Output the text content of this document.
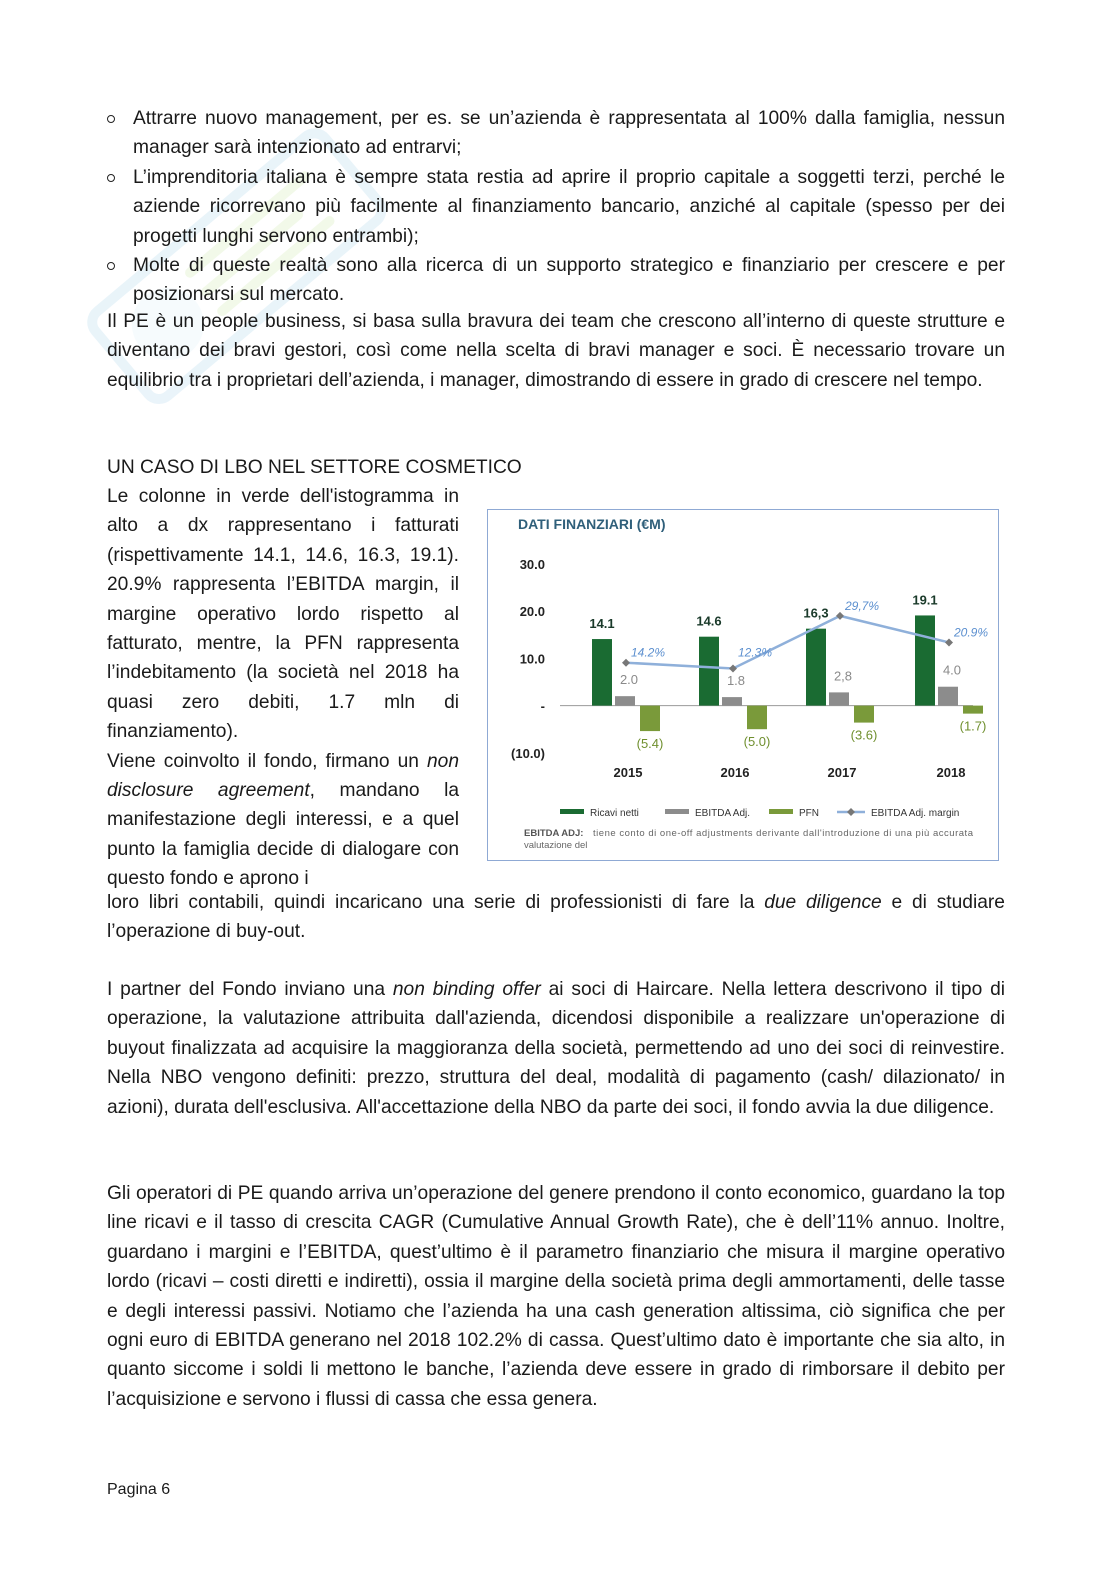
Attrarre nuovo management, per es. se un’azienda è rappresentata al 100% dalla famiglia, nessun manager sarà intenzionato ad entrarvi;
L’imprenditoria italiana è sempre stata restia ad aprire il proprio capitale a soggetti terzi, perché le aziende ricorrevano più facilmente al finanziamento bancario, anziché al capitale (spesso per dei progetti lunghi servono entrambi);
Molte di queste realtà sono alla ricerca di un supporto strategico e finanziario per crescere e per posizionarsi sul mercato.

Il PE è un people business, si basa sulla bravura dei team che crescono all’interno di queste strutture e diventano dei bravi gestori, così come nella scelta di bravi manager e soci. È necessario trovare un equilibrio tra i proprietari dell’azienda, i manager, dimostrando di essere in grado di crescere nel tempo.

UN CASO DI LBO NEL SETTORE COSMETICO
Le colonne in verde dell'istogramma in alto a dx rappresentano i fatturati (rispettivamente 14.1, 14.6, 16.3, 19.1). 20.9% rappresenta l’EBITDA margin, il margine operativo lordo rispetto al fatturato, mentre, la PFN rappresenta l’indebitamento (la società nel 2018 ha quasi zero debiti, 1.7 mln di finanziamento).
Viene coinvolto il fondo, firmano un non disclosure agreement, mandano la manifestazione degli interessi, e a quel punto la famiglia decide di dialogare con questo fondo e aprono i

loro libri contabili, quindi incaricano una serie di professionisti di fare la due diligence e di studiare l’operazione di buy-out.

I partner del Fondo inviano una non binding offer ai soci di Haircare. Nella lettera descrivono il tipo di operazione, la valutazione attribuita dall'azienda, dicendosi disponibile a realizzare un'operazione di buyout finalizzata ad acquisire la maggioranza della società, permettendo ad uno dei soci di reinvestire. Nella NBO vengono definiti: prezzo, struttura del deal, modalità di pagamento (cash/ dilazionato/ in azioni), durata dell'esclusiva. All'accettazione della NBO da parte dei soci, il fondo avvia la due diligence.

Gli operatori di PE quando arriva un’operazione del genere prendono il conto economico, guardano la top line ricavi e il tasso di crescita CAGR (Cumulative Annual Growth Rate), che è dell’11% annuo. Inoltre, guardano i margini e l’EBITDA, quest’ultimo è il parametro finanziario che misura il margine operativo lordo (ricavi – costi diretti e indiretti), ossia il margine della società prima degli ammortamenti, delle tasse e degli interessi passivi. Notiamo che l’azienda ha una cash generation altissima, ciò significa che per ogni euro di EBITDA generano nel 2018 102.2% di cassa. Quest’ultimo dato è importante che sia alto, in quanto siccome i soldi li mettono le banche, l’azienda deve essere in grado di rimborsare il debito per l’acquisizione e servono i flussi di cassa che essa genera.

Pagina 6
DATI FINANZIARI (€M)
30.0
20.0
10.0
-
(10.0)
14.1
2.0
(5.4)
2015
14.6
1.8
(5.0)
2016
16,3
2,8
(3.6)
2017
19.1
4.0
(1.7)
2018
14.2%	12.3%
29,7%
20.9%
Ricavi netti	EBITDA Adj.	PFN	EBITDA Adj. margin
EBITDA ADJ: tiene conto di one-off adjustments derivante dall'introduzione di una più accurata
valutazione del
